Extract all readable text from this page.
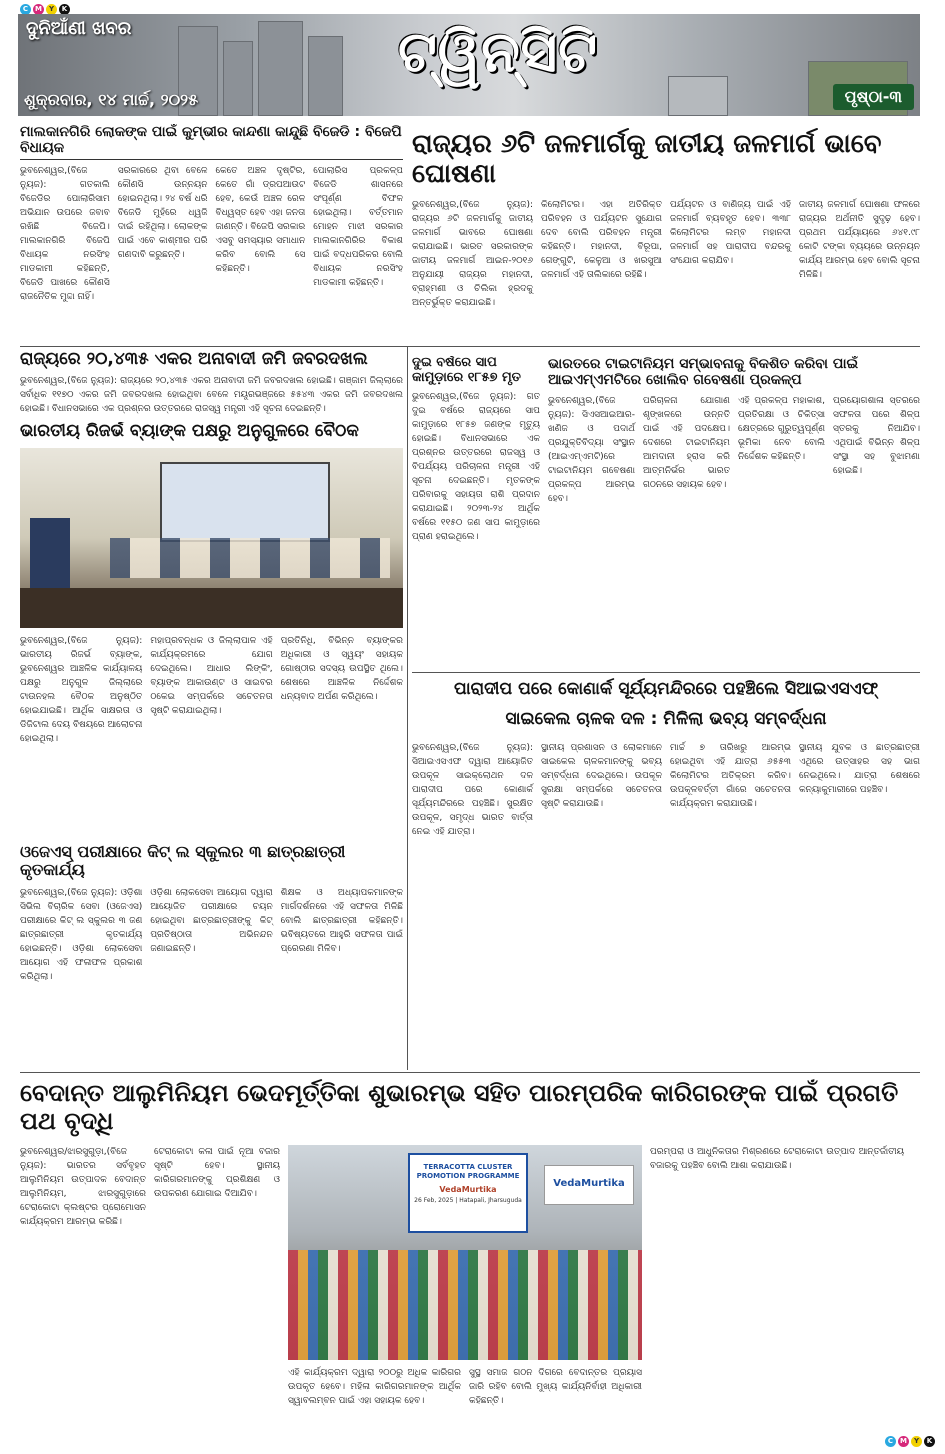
C M Y	K
ଦୁନିଆଁଣୀ ଖବର	ଟ୍ୱିନ୍‌ସିଟି
ଶୁକ୍ରବାର, ୧୪ ମାର୍ଚ୍ଚ, ୨୦୨୫	ପୃଷ୍ଠା-୩
ମାଲକାନଗିରି ଲୋକଙ୍କ ପାଇଁ କୁମ୍ଭୀର କାନ୍ଦଣା କାନ୍ଦୁଛି ବିଜେଡି : ବିଜେପି ବିଧାୟକ
ଭୁବନେଶ୍ୱର,(ବିଜେ ନ୍ୟୁଜ): ଗତକାଲି ବିଜେଡିର ପୋଲାରିସାମ ଅଭିଯାନ ଉପରେ ଜବାବ ରଖିଛି ବିଜେପି। ମାଲକାନଗିରି ବିଜେପି ବିଧାୟକ ନରସିଂହ ମାଡକାମୀ କହିଛନ୍ତି, ବିଜେଡି ପାଖରେ କୌଣସି ରାଜନୈତିକ ମୁଦ୍ଦା ନାହିଁ।
ସରକାରରେ ଥିବା ବେଳେ କୌଣସି ଉନ୍ନୟନ ହୋଇନଥିଲା। ୨୪ ବର୍ଷ ଧରି ବିଜେଡି ମୁହଁରେ ଧ୍ୱଜି ଦାଇଁ ରହିଥିଲା। ଲୋକଙ୍କ ପାଇଁ ଏବେ କାଶ୍ମୀର ପରି ଗଣଦାବି କରୁଛନ୍ତି।
କେତେ ଅଞ୍ଚଳ ଦୃଷ୍ଟିର, କେତେ ଗାଁ ଡ୍ରପଆଉଟ ହେବ, କେଉଁ ଅଞ୍ଚଳ ରେଳ ବିଧ୍ୱସ୍ତ ହେବ ଏହା ଜନତା ଜାଣନ୍ତି। ବିଜେପି ସରକାର ଏସବୁ ସମସ୍ୟାର ସମାଧାନ କରିବ ବୋଲି ସେ କହିଛନ୍ତି।
ପୋଲାରିସ ପ୍ରକଳ୍ପ ବିଜେଡି ଶାସନରେ ସଂପୂର୍ଣ୍ଣ ବିଫଳ ହୋଇଥିଲା। ବର୍ତ୍ତମାନ ମୋହନ ମାଝୀ ସରକାର ମାଲକାନଗିରିର ବିକାଶ ପାଇଁ ବଦ୍ଧପରିକର ବୋଲି ବିଧାୟକ ନରସିଂହ ମାଡକାମୀ କହିଛନ୍ତି।
ରାଜ୍ୟର ୬ଟି ଜଳମାର୍ଗକୁ ଜାତୀୟ ଜଳମାର୍ଗ ଭାବେ ଘୋଷଣା
ଭୁବନେଶ୍ୱର,(ବିଜେ ନ୍ୟୁଜ): ରାଜ୍ୟର ୬ଟି ଜଳମାର୍ଗକୁ ଜାତୀୟ ଜଳମାର୍ଗ ଭାବରେ ଘୋଷଣା କରାଯାଇଛି। ଭାରତ ସରକାରଙ୍କ ଜାତୀୟ ଜଳମାର୍ଗ ଆଇନ-୨୦୧୬ ଅନୁଯାୟୀ ରାଜ୍ୟର ମହାନଦୀ, ବ୍ରାହ୍ମଣୀ ଓ ଚିଲିକା ହ୍ରଦକୁ ଅନ୍ତର୍ଭୁକ୍ତ କରାଯାଇଛି।
କିଲୋମିଟର। ଏହା ଅତିରିକ୍ତ ପରିବହନ ଓ ପର୍ଯ୍ୟଟନ ସୁଯୋଗ ଦେବ ବୋଲି ପରିବହନ ମନ୍ତ୍ରୀ କହିଛନ୍ତି। ମହାନଦୀ, ବିରୂପା, ଗେଙ୍ଗୁଟି, କେଳୁଆ ଓ ଖରସୁଆ ଜଳମାର୍ଗ ଏହି ତାଲିକାରେ ରହିଛି।
ପର୍ଯ୍ୟଟନ ଓ ବାଣିଜ୍ୟ ପାଇଁ ଏହି ଜଳମାର୍ଗ ବ୍ୟବହୃତ ହେବ। ୩୩୮ କିଲୋମିଟର ଲମ୍ବ ମହାନଦୀ ଜଳମାର୍ଗ ସହ ପାରାଦୀପ ବନ୍ଦରକୁ ସଂଯୋଗ କରାଯିବ।
ଜାତୀୟ ଜଳମାର୍ଗ ଘୋଷଣା ଫଳରେ ରାଜ୍ୟର ଅର୍ଥନୀତି ସୁଦୃଢ଼ ହେବ। ପ୍ରଥମ ପର୍ଯ୍ୟାୟରେ ୬୪୧.୯୮ କୋଟି ଟଙ୍କା ବ୍ୟୟରେ ଉନ୍ନୟନ କାର୍ଯ୍ୟ ଆରମ୍ଭ ହେବ ବୋଲି ସୂଚନା ମିଳିଛି।
ରାଜ୍ୟରେ ୨୦,୪୩୫ ଏକର ଅନାବାଦୀ ଜମି ଜବରଦଖଲ
ଭୁବନେଶ୍ୱର,(ବିଜେ ନ୍ୟୁଜ): ରାଜ୍ୟରେ ୨୦,୪୩୫ ଏକର ଅନାବାଦୀ ଜମି ଜବରଦଖଲ ହୋଇଛି। ଗଞ୍ଜାମ ଜିଲ୍ଲାରେ ସର୍ବାଧିକ ୧୧୭୦ ଏକର ଜମି ଜବରଦଖଲ ହୋଇଥିବା ବେଳେ ମୟୂରଭଞ୍ଜରେ ୫୫୪୩ ଏକର ଜମି ଜବରଦଖଲ ହୋଇଛି। ବିଧାନସଭାରେ ଏକ ପ୍ରଶ୍ନର ଉତ୍ତରରେ ରାଜସ୍ୱ ମନ୍ତ୍ରୀ ଏହି ସୂଚନା ଦେଇଛନ୍ତି।
ଭାରତୀୟ ରିଜର୍ଭ ବ୍ୟାଙ୍କ ପକ୍ଷରୁ ଅନୁଗୁଳରେ ବୈଠକ
ଭୁବନେଶ୍ୱର,(ବିଜେ ନ୍ୟୁଜ): ଭାରତୀୟ ରିଜର୍ଭ ବ୍ୟାଙ୍କ, ଭୁବନେଶ୍ୱର ଆଞ୍ଚଳିକ କାର୍ଯ୍ୟାଳୟ ପକ୍ଷରୁ ଅନୁଗୁଳ ଜିଲ୍ଲାରେ ଟାଉନହଲ ବୈଠକ ଅନୁଷ୍ଠିତ ହୋଇଯାଇଛି। ଆର୍ଥିକ ସାକ୍ଷରତା ଓ ଡିଜିଟାଲ ଦେୟ ବିଷୟରେ ଆଲୋଚନା ହୋଇଥିଲା।
ମହାପ୍ରବନ୍ଧକ ଓ ଜିଲ୍ଲାପାଳ ଏହି କାର୍ଯ୍ୟକ୍ରମରେ ଯୋଗ ଦେଇଥିଲେ। ଆଧାର ଲିଙ୍କିଂ, ବ୍ୟାଙ୍କ ଆକାଉଣ୍ଟ ଓ ସାଇବର ଠକେଇ ସମ୍ପର୍କରେ ସଚେତନତା ସୃଷ୍ଟି କରାଯାଇଥିଲା।
ପ୍ରତିନିଧି, ବିଭିନ୍ନ ବ୍ୟାଙ୍କର ଅଧିକାରୀ ଓ ସ୍ୱୟଂ ସହାୟକ ଗୋଷ୍ଠୀର ସଦସ୍ୟ ଉପସ୍ଥିତ ଥିଲେ। ଶେଷରେ ଆଞ୍ଚଳିକ ନିର୍ଦ୍ଦେଶକ ଧନ୍ୟବାଦ ଅର୍ପଣ କରିଥିଲେ।
ଓଜେଏସ୍ ପରୀକ୍ଷାରେ କିଟ୍ ଲ ସ୍କୁଲର ୩ ଛାତ୍ରଛାତ୍ରୀ କୃତକାର୍ଯ୍ୟ
ଭୁବନେଶ୍ୱର,(ବିଜେ ନ୍ୟୁଜ): ଓଡ଼ିଶା ସିଭିଲ ବିଚାରିକ ସେବା (ଓଜେଏସ) ପରୀକ୍ଷାରେ କିଟ୍ ଲ ସ୍କୁଲର ୩ ଜଣ ଛାତ୍ରଛାତ୍ରୀ କୃତକାର୍ଯ୍ୟ ହୋଇଛନ୍ତି। ଓଡ଼ିଶା ଲୋକସେବା ଆୟୋଗ ଏହି ଫଳାଫଳ ପ୍ରକାଶ କରିଥିଲା।
ଓଡ଼ିଶା ଲୋକସେବା ଆୟୋଗ ଦ୍ୱାରା ଆୟୋଜିତ ପରୀକ୍ଷାରେ ଚୟନ ହୋଇଥିବା ଛାତ୍ରଛାତ୍ରୀଙ୍କୁ କିଟ୍ ପ୍ରତିଷ୍ଠାତା ଅଭିନନ୍ଦନ ଜଣାଇଛନ୍ତି।
ଶିକ୍ଷକ ଓ ଅଧ୍ୟାପକମାନଙ୍କ ମାର୍ଗଦର୍ଶନରେ ଏହି ସଫଳତା ମିଳିଛି ବୋଲି ଛାତ୍ରଛାତ୍ରୀ କହିଛନ୍ତି। ଭବିଷ୍ୟତରେ ଆହୁରି ସଫଳତା ପାଇଁ ପ୍ରେରଣା ମିଳିବ।
ଦୁଇ ବର୍ଷରେ ସାପ କାମୁଡ଼ାରେ ୧୮୫୭ ମୃତ
ଭୁବନେଶ୍ୱର,(ବିଜେ ନ୍ୟୁଜ): ଗତ ଦୁଇ ବର୍ଷରେ ରାଜ୍ୟରେ ସାପ କାମୁଡ଼ାରେ ୧୮୫୭ ଜଣଙ୍କ ମୃତ୍ୟୁ ହୋଇଛି। ବିଧାନସଭାରେ ଏକ ପ୍ରଶ୍ନର ଉତ୍ତରରେ ରାଜସ୍ୱ ଓ ବିପର୍ଯ୍ୟୟ ପରିଚାଳନା ମନ୍ତ୍ରୀ ଏହି ସୂଚନା ଦେଇଛନ୍ତି। ମୃତକଙ୍କ ପରିବାରକୁ ସହାୟତା ରାଶି ପ୍ରଦାନ କରାଯାଇଛି। ୨୦୨୩-୨୪ ଆର୍ଥିକ ବର୍ଷରେ ୧୧୫୦ ଜଣ ସାପ କାମୁଡ଼ାରେ ପ୍ରାଣ ହରାଇଥିଲେ।
ଭାରତରେ ଟାଇଟାନିୟମ ସମ୍ଭାବନାକୁ ବିକଶିତ କରିବା ପାଇଁ ଆଇଏମ୍‌ଏମଟିରେ ଖୋଲିବ ଗବେଷଣା ପ୍ରକଳ୍ପ
ଭୁବନେଶ୍ୱର,(ବିଜେ ନ୍ୟୁଜ): ସିଏସଆଇଆର-ଖଣିଜ ଓ ପଦାର୍ଥ ପ୍ରଯୁକ୍ତିବିଦ୍ୟା ସଂସ୍ଥାନ (ଆଇଏମ୍‌ଏମଟି)ରେ ଟାଇଟାନିୟମ ଗବେଷଣା ପ୍ରକଳ୍ପ ଆରମ୍ଭ ହେବ।
ପରିଚାଳନା ଯୋଗାଣ ଶୃଙ୍ଖଳରେ ଉନ୍ନତି ପାଇଁ ଏହି ପଦକ୍ଷେପ। ଦେଶରେ ଟାଇଟାନିୟମ ଆମଦାନୀ ହ୍ରାସ କରି ଆତ୍ମନିର୍ଭର ଭାରତ ଗଠନରେ ସହାୟକ ହେବ।
ଏହି ପ୍ରକଳ୍ପ ମହାକାଶ, ପ୍ରତିରକ୍ଷା ଓ ଚିକିତ୍ସା କ୍ଷେତ୍ରରେ ଗୁରୁତ୍ୱପୂର୍ଣ୍ଣ ଭୂମିକା ନେବ ବୋଲି ନିର୍ଦ୍ଦେଶକ କହିଛନ୍ତି।
ପ୍ରୟୋଗଶାଳା ସ୍ତରରେ ସଫଳତା ପରେ ଶିଳ୍ପ ସ୍ତରକୁ ନିଆଯିବ। ଏଥିପାଇଁ ବିଭିନ୍ନ ଶିଳ୍ପ ସଂସ୍ଥା ସହ ବୁଝାମଣା ହୋଇଛି।
ପାରାଦୀପ ପରେ କୋଣାର୍କ ସୂର୍ଯ୍ୟମନ୍ଦିରରେ ପହଞ୍ଚିଲେ ସିଆଇଏସଏଫ୍
ସାଇକେଲ ଚାଳକ ଦଳ : ମିଳିଲା ଭବ୍ୟ ସମ୍ବର୍ଦ୍ଧନା
ଭୁବନେଶ୍ୱର,(ବିଜେ ନ୍ୟୁଜ): ସିଆଇଏସଏଫ ଦ୍ୱାରା ଆୟୋଜିତ ଉପକୂଳ ସାଇକ୍ଲୋଥନ ଦଳ ପାରାଦୀପ ପରେ କୋଣାର୍କ ସୂର୍ଯ୍ୟମନ୍ଦିରରେ ପହଞ୍ଚିଛି। ସୁରକ୍ଷିତ ଉପକୂଳ, ସମୃଦ୍ଧ ଭାରତ ବାର୍ତ୍ତା ନେଇ ଏହି ଯାତ୍ରା।
ସ୍ଥାନୀୟ ପ୍ରଶାସନ ଓ ଲୋକମାନେ ସାଇକେଲ ଚାଳକମାନଙ୍କୁ ଭବ୍ୟ ସମ୍ବର୍ଦ୍ଧନା ଦେଇଥିଲେ। ଉପକୂଳ ସୁରକ୍ଷା ସମ୍ପର୍କରେ ସଚେତନତା ସୃଷ୍ଟି କରାଯାଉଛି।
ମାର୍ଚ୍ଚ ୭ ତାରିଖରୁ ଆରମ୍ଭ ହୋଇଥିବା ଏହି ଯାତ୍ରା ୬୫୫୩ କିଲୋମିଟର ଅତିକ୍ରମ କରିବ। ଉପକୂଳବର୍ତ୍ତୀ ଗାଁରେ ସଚେତନତା କାର୍ଯ୍ୟକ୍ରମ କରାଯାଉଛି।
ସ୍ଥାନୀୟ ଯୁବକ ଓ ଛାତ୍ରଛାତ୍ରୀ ଏଥିରେ ଉତ୍ସାହର ସହ ଭାଗ ନେଇଥିଲେ। ଯାତ୍ରା ଶେଷରେ କନ୍ୟାକୁମାରୀରେ ପହଞ୍ଚିବ।
ବେଦାନ୍ତ ଆଲୁମିନିୟମ ଭେଦମୂର୍ତ୍ତିକା ଶୁଭାରମ୍ଭ ସହିତ ପାରମ୍ପରିକ କାରିଗରଙ୍କ ପାଇଁ ପ୍ରଗତି ପଥ ବୃଦ୍ଧି
ଭୁବନେଶ୍ୱର/ଝାରସୁଗୁଡ଼ା,(ବିଜେ ନ୍ୟୁଜ): ଭାରତର ସର୍ବବୃହତ ଆଲୁମିନିୟମ ଉତ୍ପାଦକ ବେଦାନ୍ତ ଆଲୁମିନିୟମ, ଝାରସୁଗୁଡ଼ାରେ ଟେରାକୋଟା କ୍ଲଷ୍ଟର ପ୍ରୋମୋସନ କାର୍ଯ୍ୟକ୍ରମ ଆରମ୍ଭ କରିଛି।
ଟେରାକୋଟା କଳା ପାଇଁ ନୂଆ ବଜାର ସୃଷ୍ଟି ହେବ। ସ୍ଥାନୀୟ କାରିଗରମାନଙ୍କୁ ପ୍ରଶିକ୍ଷଣ ଓ ଉପକରଣ ଯୋଗାଇ ଦିଆଯିବ।
TERRACOTTA CLUSTER PROMOTION PROGRAMME
VedaMurtika
26 Feb, 2025 | Hatapali, Jharsuguda
VedaMurtika
ଏହି କାର୍ଯ୍ୟକ୍ରମ ଦ୍ୱାରା ୨୦୦ରୁ ଅଧିକ କାରିଗର ଉପକୃତ ହେବେ। ମହିଳା କାରିଗରମାନଙ୍କ ଆର୍ଥିକ ସ୍ୱାବଲମ୍ବନ ପାଇଁ ଏହା ସହାୟକ ହେବ।
ସୁସ୍ଥ ସମାଜ ଗଠନ ଦିଗରେ ବେଦାନ୍ତର ପ୍ରୟାସ ଜାରି ରହିବ ବୋଲି ମୁଖ୍ୟ କାର୍ଯ୍ୟନିର୍ବାହୀ ଅଧିକାରୀ କହିଛନ୍ତି।
ପରମ୍ପରା ଓ ଆଧୁନିକତାର ମିଶ୍ରଣରେ ଟେରାକୋଟା ଉତ୍ପାଦ ଆନ୍ତର୍ଜାତୀୟ ବଜାରକୁ ପହଞ୍ଚିବ ବୋଲି ଆଶା କରାଯାଉଛି।
C M Y	K
